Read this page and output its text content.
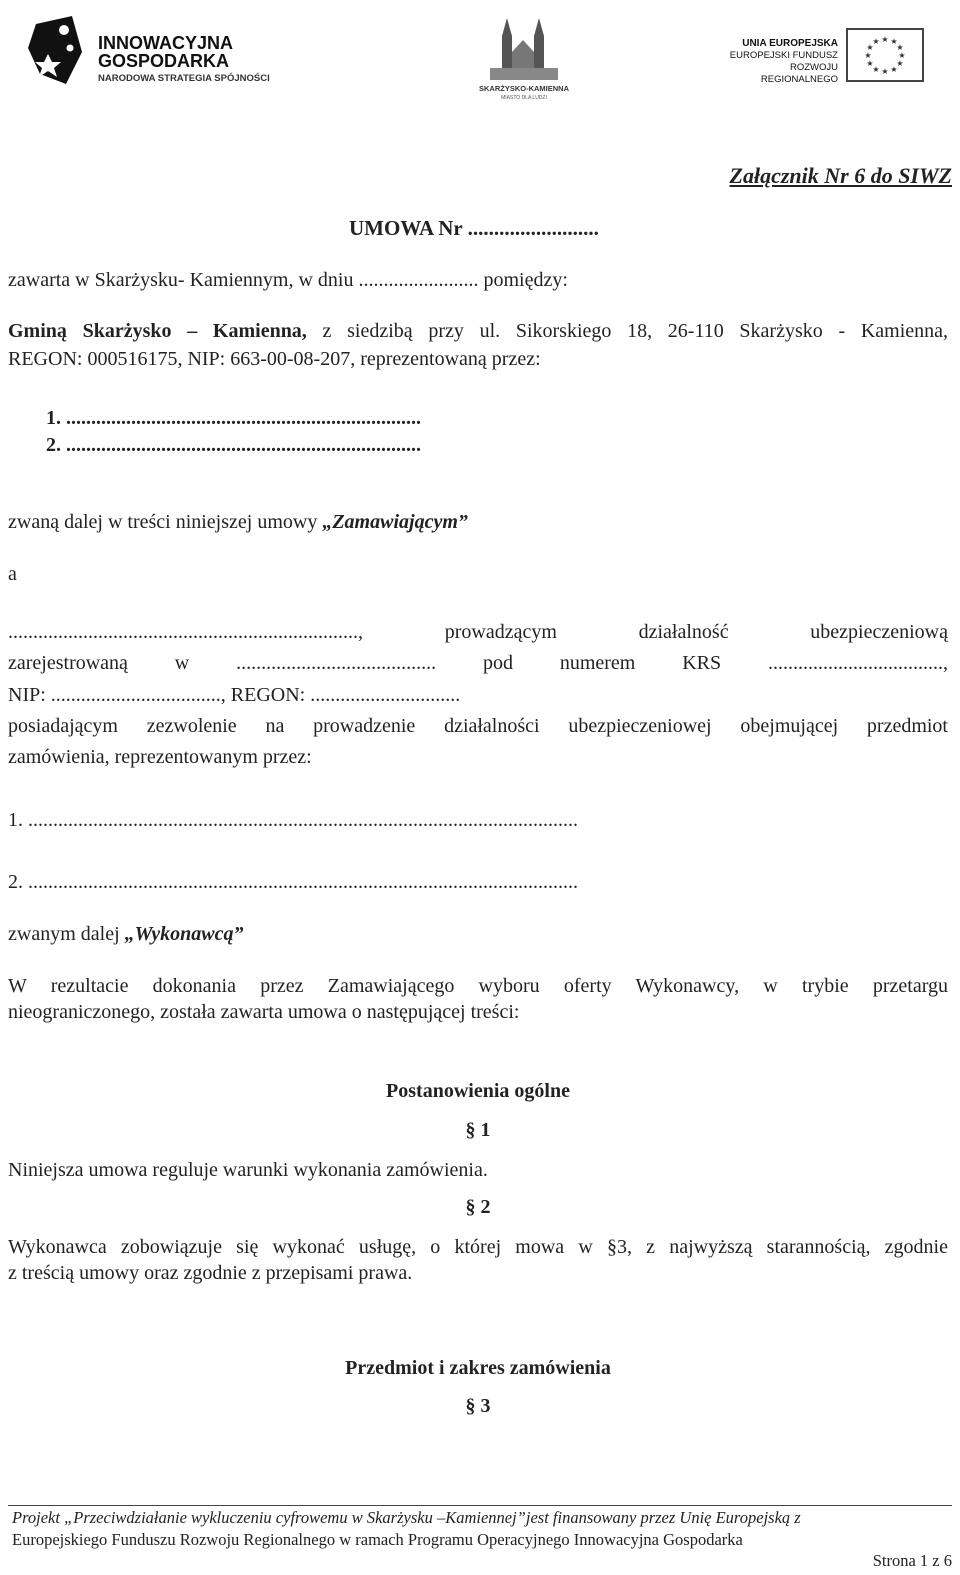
INNOWACYJNA
GOSPODARKA
NARODOWA STRATEGIA SPÓJNOŚCI
SKARŻYSKO-KAMIENNA
MIASTO DLA LUDZI
UNIA EUROPEJSKA
EUROPEJSKI FUNDUSZ
ROZWOJU REGIONALNEGO
★ ★
★
★
★
★
★
★
★
★
★
★
Załącznik Nr 6 do SIWZ
UMOWA Nr .........................
zawarta w Skarżysku- Kamiennym, w dniu ........................ pomiędzy:
Gminą Skarżysko – Kamienna, z siedzibą przy ul. Sikorskiego 18, 26-110 Skarżysko - Kamienna,
REGON: 000516175, NIP: 663-00-08-207, reprezentowaną przez:
1. .......................................................................
2. .......................................................................
zwaną dalej w treści niniejszej umowy „Zamawiającym”
a
......................................................................, prowadzącym działalność ubezpieczeniową
zarejestrowaną w ........................................ pod numerem KRS ...................................,
NIP: .................................., REGON: ..............................
posiadającym zezwolenie na prowadzenie działalności ubezpieczeniowej obejmującej przedmiot
zamówienia, reprezentowanym przez:
1. ..............................................................................................................
2. ..............................................................................................................
zwanym dalej „Wykonawcą”
W rezultacie dokonania przez Zamawiającego wyboru oferty Wykonawcy, w trybie przetargu
nieograniczonego, została zawarta umowa o następującej treści:
Postanowienia ogólne
§ 1
Niniejsza umowa reguluje warunki wykonania zamówienia.
§ 2
Wykonawca zobowiązuje się wykonać usługę, o której mowa w §3, z najwyższą starannością, zgodnie
z treścią umowy oraz zgodnie z przepisami prawa.
Przedmiot i zakres zamówienia
§ 3
Projekt „Przeciwdziałanie wykluczeniu cyfrowemu w Skarżysku –Kamiennej”jest finansowany przez Unię Europejską z
Europejskiego Funduszu Rozwoju Regionalnego w ramach Programu Operacyjnego Innowacyjna Gospodarka
Strona 1 z 6
